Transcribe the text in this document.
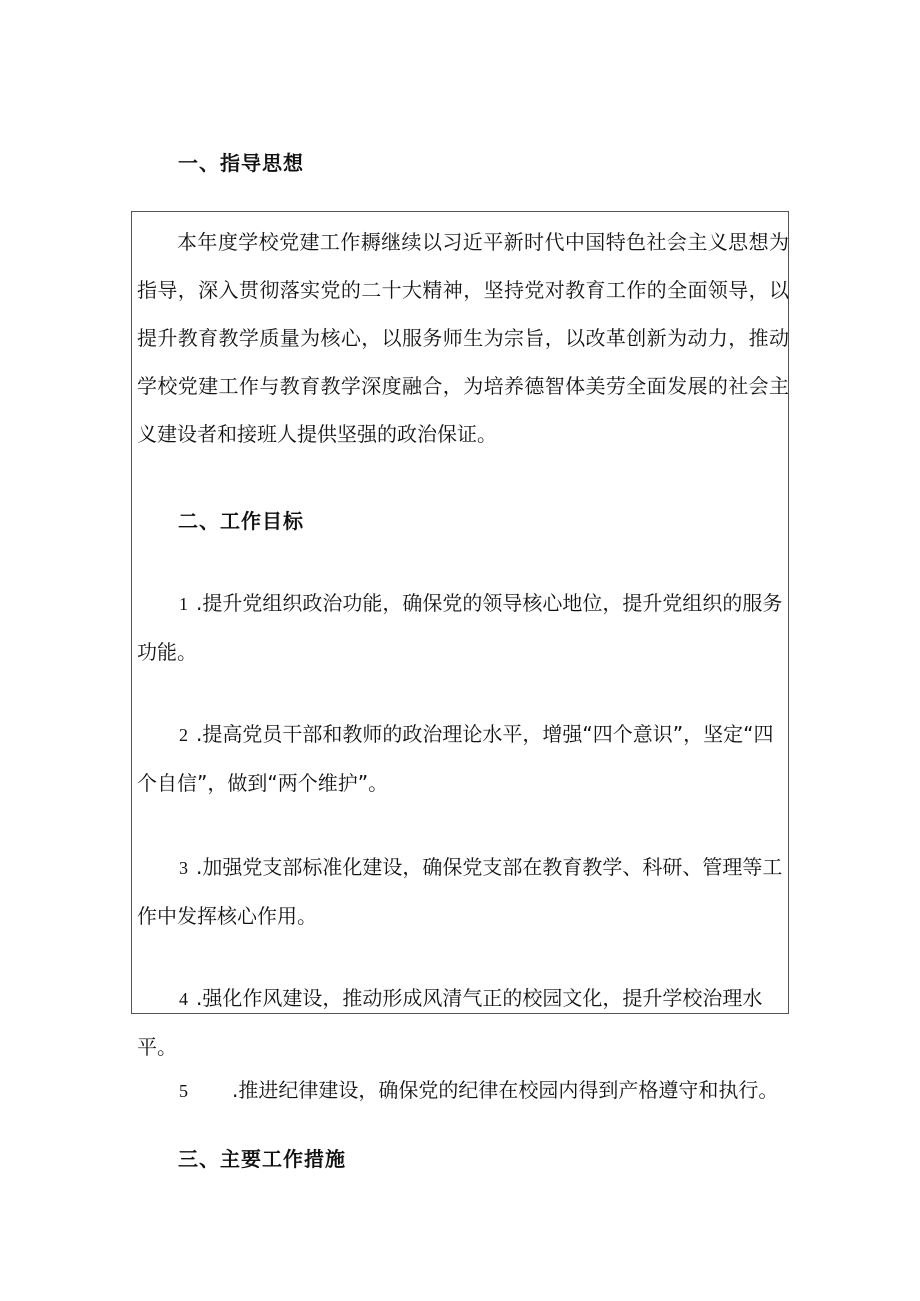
一、指导思想

本年度学校党建工作耨继续以习近平新时代中国特色社会主义思想为指导，深入贯彻落实党的二十大精神，坚持党对教育工作的全面领导，以提升教育教学质量为核心，以服务师生为宗旨，以改革创新为动力，推动学校党建工作与教育教学深度融合，为培养德智体美劳全面发展的社会主义建设者和接班人提供坚强的政治保证。

二、工作目标

1 .提升党组织政治功能，确保党的领导核心地位，提升党组织的服务功能。

2 .提高党员干部和教师的政治理论水平，增强“四个意识”，坚定“四个自信”，做到“两个维护”。

3 .加强党支部标准化建设，确保党支部在教育教学、科研、管理等工作中发挥核心作用。

4 .强化作风建设，推动形成风清气正的校园文化，提升学校治理水平。

5 .推进纪律建设，确保党的纪律在校园内得到产格遵守和执行。

三、主要工作措施
